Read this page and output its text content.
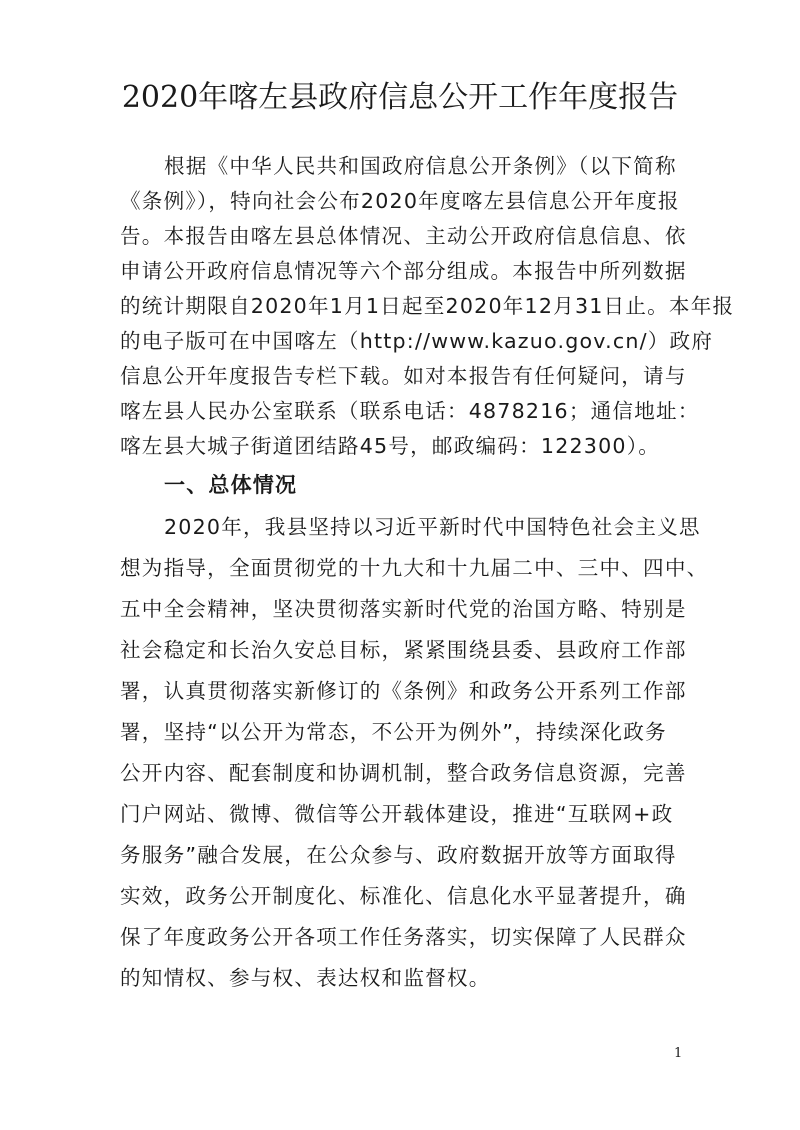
2020年喀左县政府信息公开工作年度报告
根据《中华人民共和国政府信息公开条例》（以下简称
《条例》），特向社会公布2020年度喀左县信息公开年度报
告。本报告由喀左县总体情况、主动公开政府信息信息、依
申请公开政府信息情况等六个部分组成。本报告中所列数据
的统计期限自2020年1月1日起至2020年12月31日止。本年报
的电子版可在中国喀左（http://www.kazuo.gov.cn/）政府
信息公开年度报告专栏下载。如对本报告有任何疑问，请与
喀左县人民办公室联系（联系电话：4878216；通信地址：
喀左县大城子街道团结路45号，邮政编码：122300）。
一、总体情况
2020年，我县坚持以习近平新时代中国特色社会主义思
想为指导，全面贯彻党的十九大和十九届二中、三中、四中、
五中全会精神，坚决贯彻落实新时代党的治国方略、特别是
社会稳定和长治久安总目标，紧紧围绕县委、县政府工作部
署，认真贯彻落实新修订的《条例》和政务公开系列工作部
署，坚持“以公开为常态，不公开为例外”，持续深化政务
公开内容、配套制度和协调机制，整合政务信息资源，完善
门户网站、微博、微信等公开载体建设，推进“互联网+政
务服务”融合发展，在公众参与、政府数据开放等方面取得
实效，政务公开制度化、标准化、信息化水平显著提升，确
保了年度政务公开各项工作任务落实，切实保障了人民群众
的知情权、参与权、表达权和监督权。
1
